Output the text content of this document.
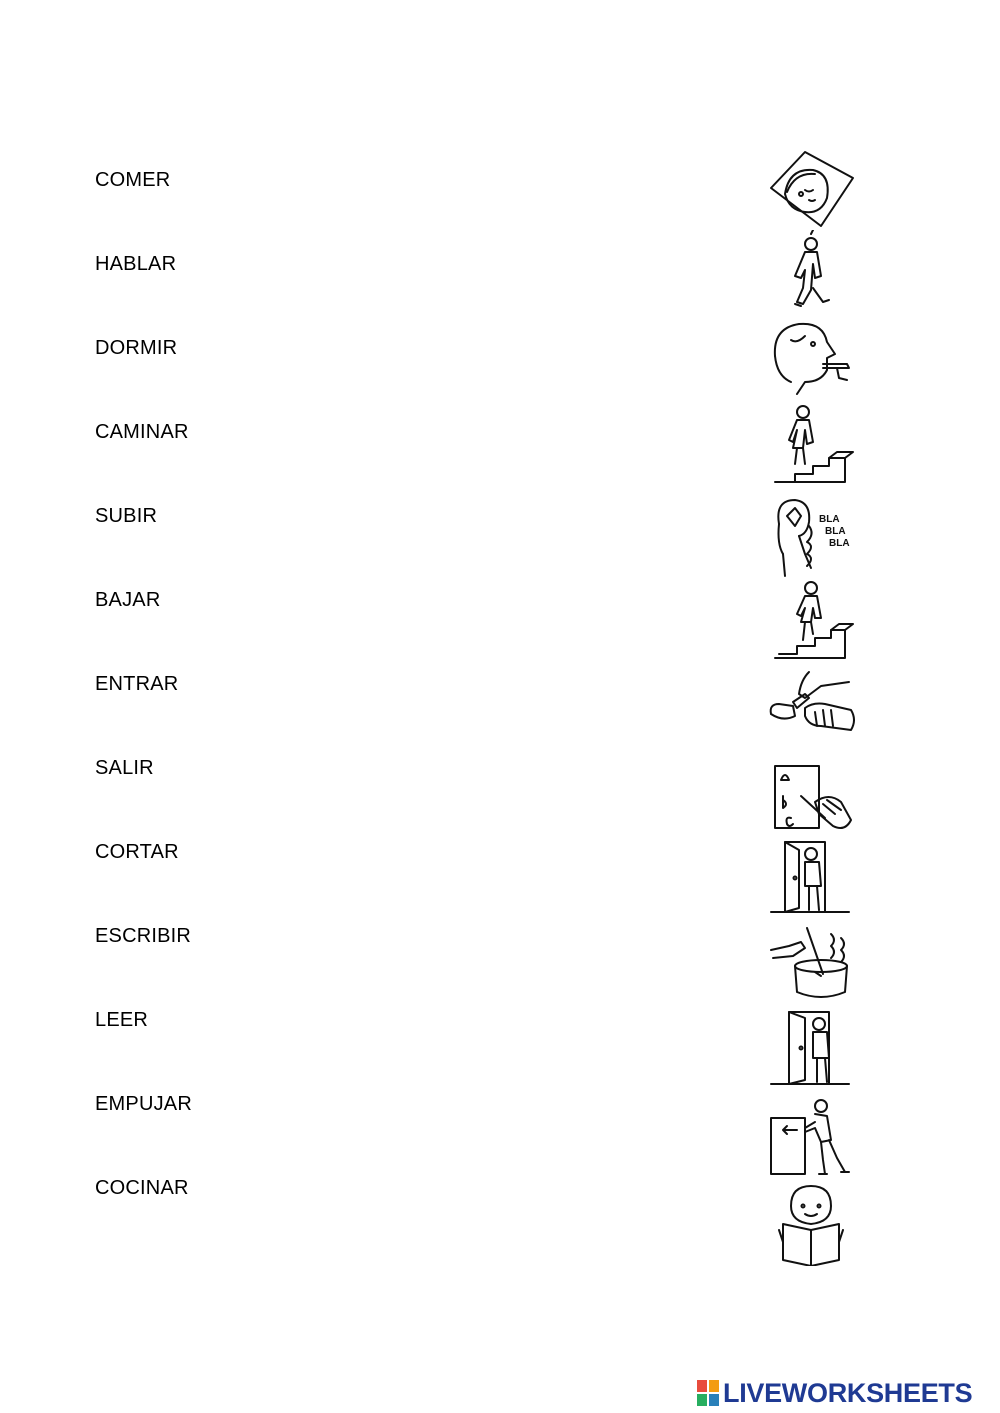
COMER
HABLAR
DORMIR
CAMINAR
SUBIR
BAJAR
ENTRAR
SALIR
CORTAR
ESCRIBIR
LEER
EMPUJAR
COCINAR
BLA
BLA
BLA
LIVEWORKSHEETS
